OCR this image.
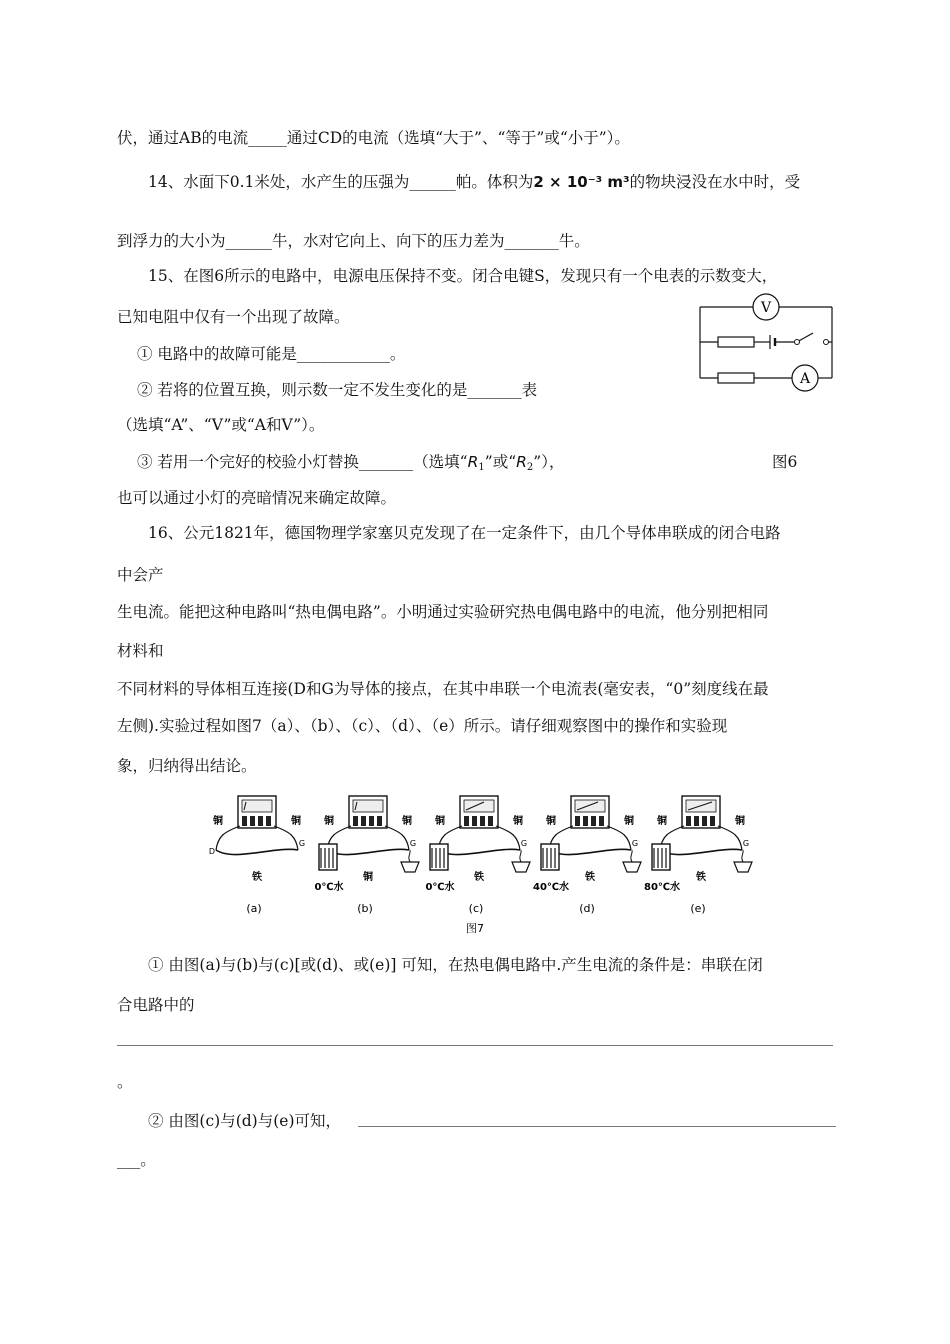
伏，通过AB的电流_____通过CD的电流（选填“大于”、“等于”或“小于”）。
14、水面下0.1米处，水产生的压强为______帕。体积为2 × 10⁻³ m³的物块浸没在水中时，受
到浮力的大小为______牛，水对它向上、向下的压力差为_______牛。
15、在图6所示的电路中，电源电压保持不变。闭合电键S，发现只有一个电表的示数变大，
已知电阻中仅有一个出现了故障。
① 电路中的故障可能是____________。
② 若将的位置互换，则示数一定不发生变化的是_______表
（选填“A”、“V”或“A和V”）。
③ 若用一个完好的校验小灯替换_______（选填“$R_1$”或“$R_2$”），
也可以通过小灯的亮暗情况来确定故障。
16、公元1821年，德国物理学家塞贝克发现了在一定条件下，由几个导体串联成的闭合电路
中会产
生电流。能把这种电路叫“热电偶电路”。小明通过实验研究热电偶电路中的电流，他分别把相同
材料和
不同材料的导体相互连接(D和G为导体的接点，在其中串联一个电流表(毫安表，“0”刻度线在最
左侧).实验过程如图7（a）、（b）、（c）、（d）、（e）所示。请仔细观察图中的操作和实验现
象，归纳得出结论。
V
A
图6
铜	铜
铁
D
G
(a)
铜	铜
铜
G
0℃水
(b)
铜	铜
铁
G
0℃水
(c)
铜	铜
铁
G
40℃水
(d)
铜	铜
铁
G
80℃水
(e)
图7
① 由图(a)与(b)与(c)[或(d)、或(e)] 可知，在热电偶电路中.产生电流的条件是：串联在闭
合电路中的
。
② 由图(c)与(d)与(e)可知，
___。
